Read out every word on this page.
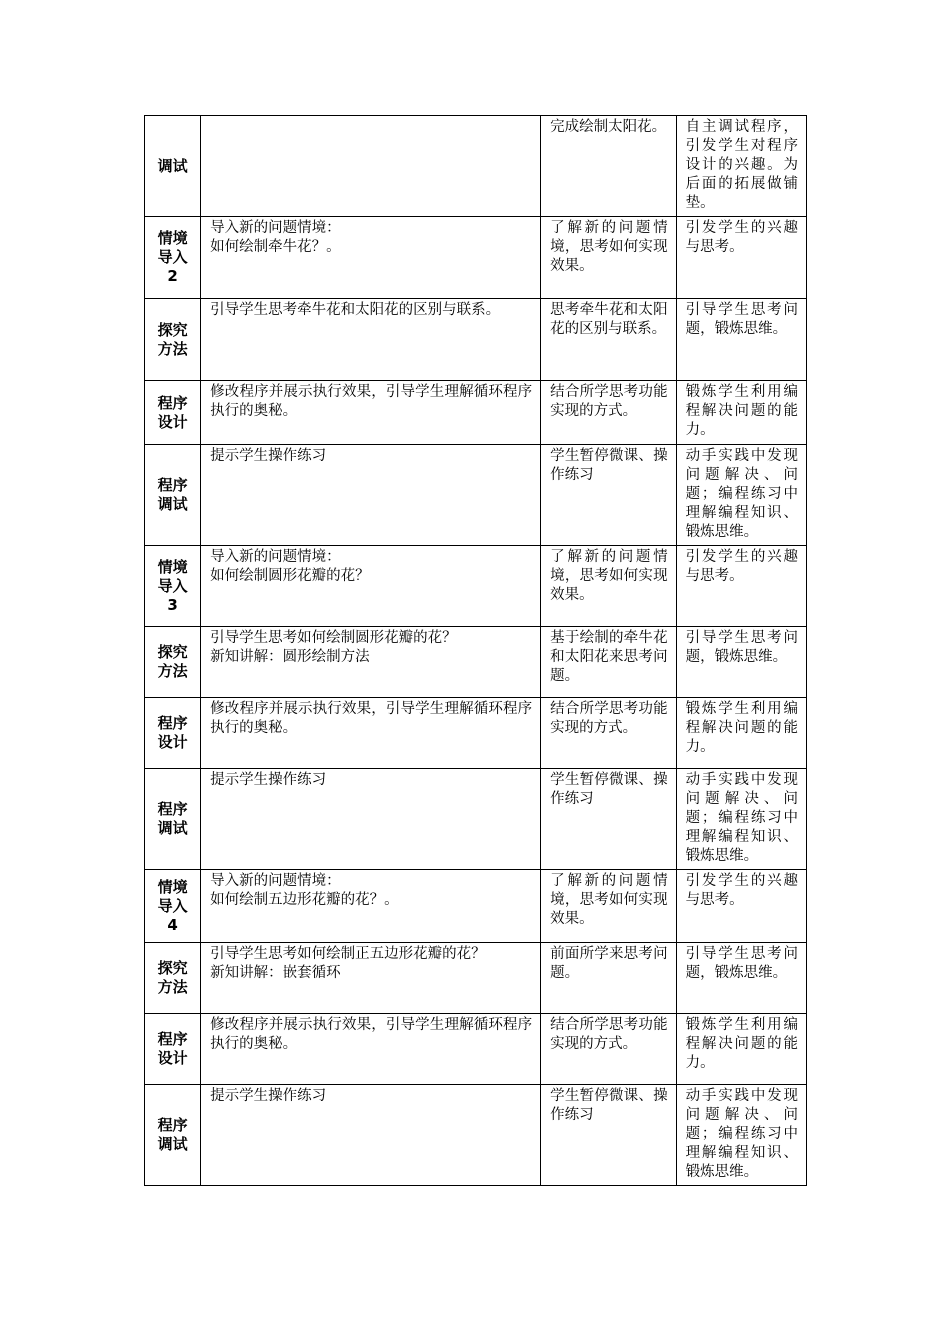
调试		完成绘制太阳花。	自主调试程序，引发学生对程序设计的兴趣。为后面的拓展做铺垫。

情境
导入
2	导入新的问题情境：
如何绘制牵牛花？。	了解新的问题情境，思考如何实现效果。	引发学生的兴趣与思考。

探究
方法	引导学生思考牵牛花和太阳花的区别与联系。	思考牵牛花和太阳花的区别与联系。	引导学生思考问题，锻炼思维。

程序
设计	修改程序并展示执行效果，引导学生理解循环程序执行的奥秘。	结合所学思考功能实现的方式。	锻炼学生利用编程解决问题的能力。

程序
调试	提示学生操作练习	学生暂停微课、操作练习	动手实践中发现问题解决、问题；编程练习中理解编程知识、锻炼思维。

情境
导入
3	导入新的问题情境：
如何绘制圆形花瓣的花？	了解新的问题情境，思考如何实现效果。	引发学生的兴趣与思考。

探究
方法	引导学生思考如何绘制圆形花瓣的花？
新知讲解：圆形绘制方法	基于绘制的牵牛花和太阳花来思考问题。	引导学生思考问题，锻炼思维。

程序
设计	修改程序并展示执行效果，引导学生理解循环程序执行的奥秘。	结合所学思考功能实现的方式。	锻炼学生利用编程解决问题的能力。

程序
调试	提示学生操作练习	学生暂停微课、操作练习	动手实践中发现问题解决、问题；编程练习中理解编程知识、锻炼思维。

情境
导入
4	导入新的问题情境：
如何绘制五边形花瓣的花？。	了解新的问题情境，思考如何实现效果。	引发学生的兴趣与思考。

探究
方法	引导学生思考如何绘制正五边形花瓣的花？
新知讲解：嵌套循环	前面所学来思考问题。	引导学生思考问题，锻炼思维。

程序
设计	修改程序并展示执行效果，引导学生理解循环程序执行的奥秘。	结合所学思考功能实现的方式。	锻炼学生利用编程解决问题的能力。

程序
调试	提示学生操作练习	学生暂停微课、操作练习	动手实践中发现问题解决、问题；编程练习中理解编程知识、锻炼思维。
